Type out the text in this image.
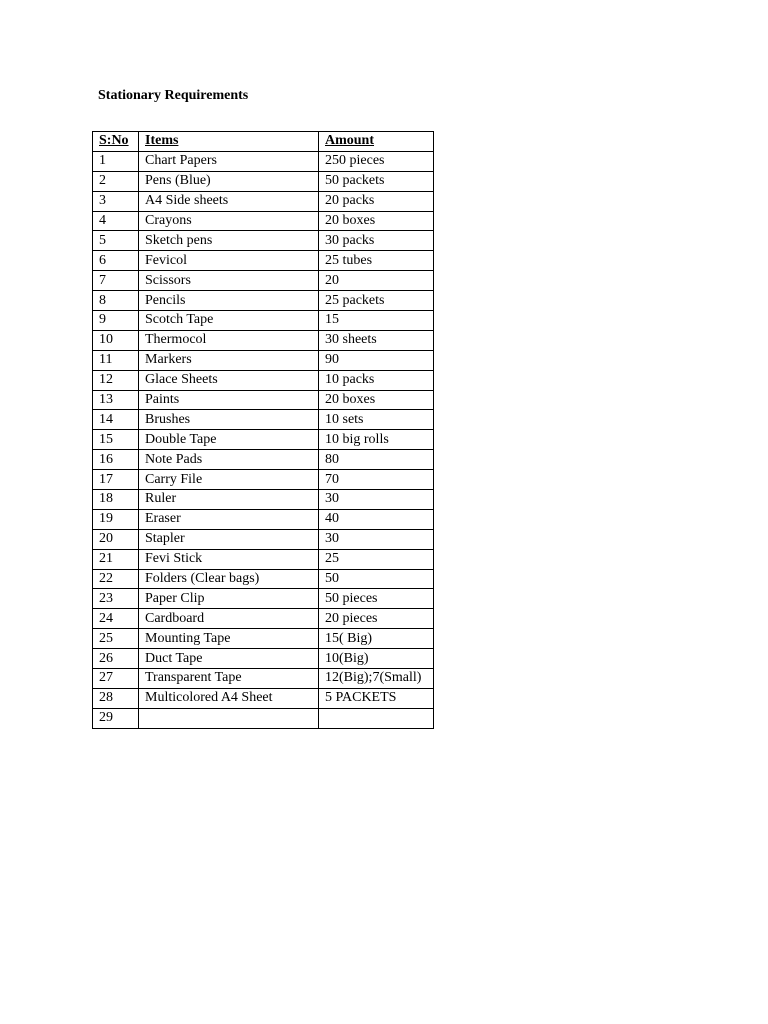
Stationary Requirements
S:No	Items	Amount
1	Chart Papers	250 pieces
2	Pens (Blue)	50 packets
3	A4 Side sheets	20 packs
4	Crayons	20 boxes
5	Sketch pens	30 packs
6	Fevicol	25 tubes
7	Scissors	20
8	Pencils	25 packets
9	Scotch Tape	15
10	Thermocol	30 sheets
11	Markers	90
12	Glace Sheets	10 packs
13	Paints	20 boxes
14	Brushes	10 sets
15	Double Tape	10 big rolls
16	Note Pads	80
17	Carry File	70
18	Ruler	30
19	Eraser	40
20	Stapler	30
21	Fevi Stick	25
22	Folders (Clear bags)	50
23	Paper Clip	50 pieces
24	Cardboard	20 pieces
25	Mounting Tape	15( Big)
26	Duct Tape	10(Big)
27	Transparent Tape	12(Big);7(Small)
28	Multicolored A4 Sheet	5 PACKETS
29		
